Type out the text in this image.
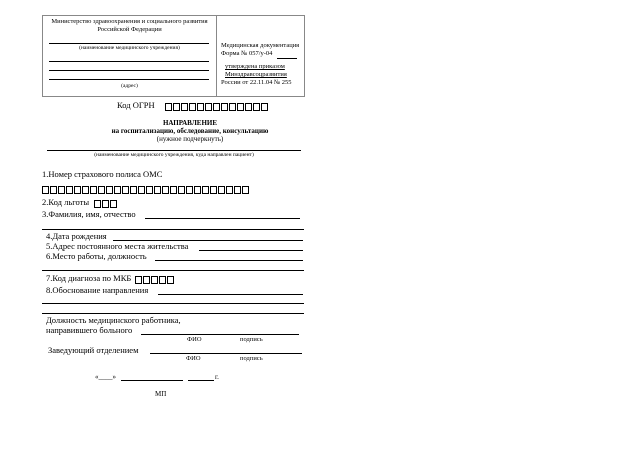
Министерство здравоохранения и социального развития
Российской Федерации
(наименование медицинского учреждения)
(адрес)
Медицинская документация
Форма № 057/у-04
утверждена приказом
Минздравсоцразвития
России от 22.11.04 № 255
Код ОГРН
НАПРАВЛЕНИЕ
на госпитализацию, обследование, консультацию
(нужное подчеркнуть)
(наименование медицинского учреждения, куда направлен пациент)
1.Номер страхового полиса ОМС
2.Код льготы
3.Фамилия, имя, отчество
4.Дата рождения
5.Адрес постоянного места жительства
6.Место работы, должность
7.Код диагноза по МКБ
8.Обоснование направления
Должность медицинского работника,
направившего больного
ФИО	подпись
Заведующий отделением
ФИО	подпись
«____»	г.
МП
